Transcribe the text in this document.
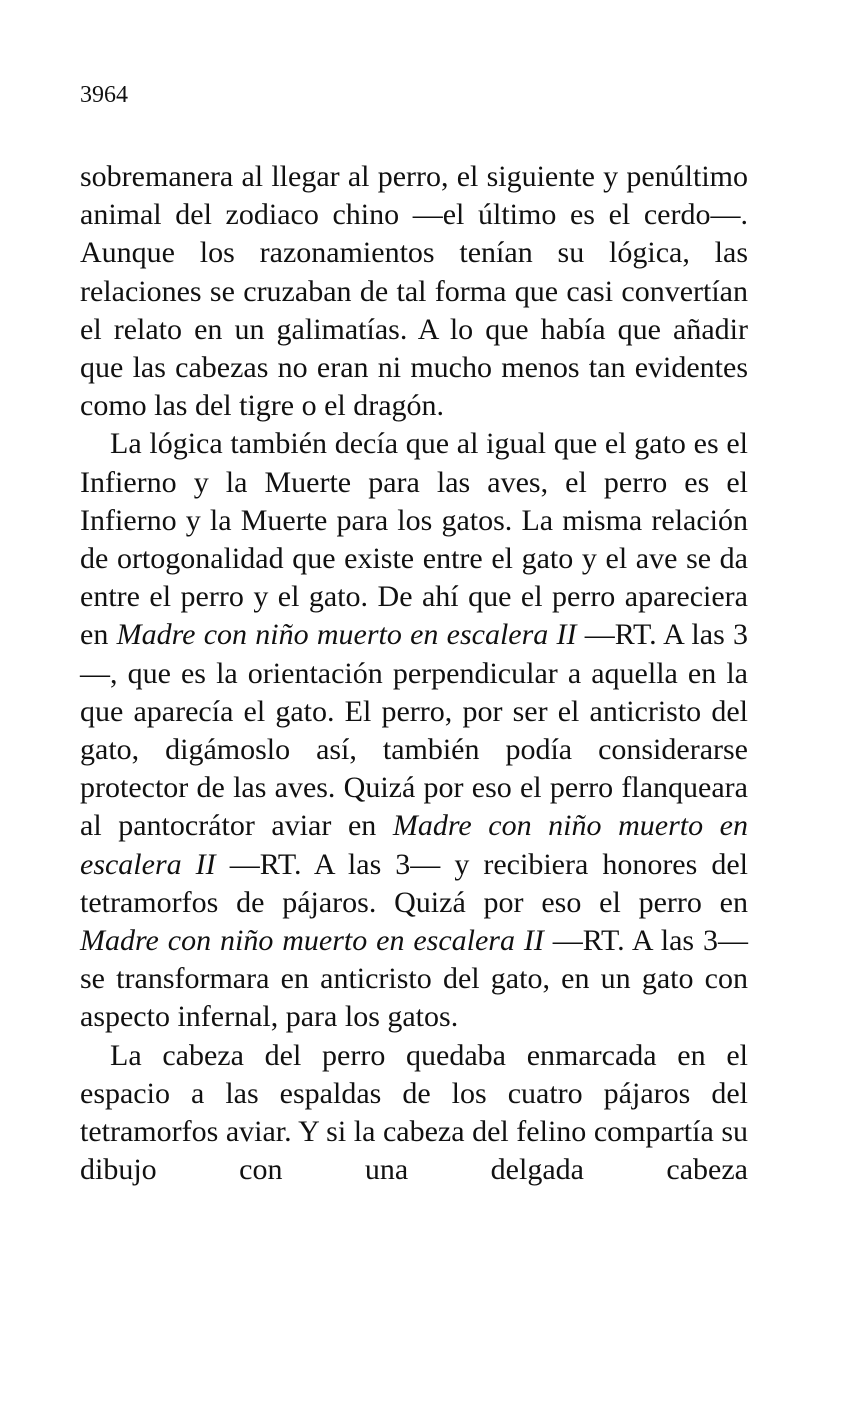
3964

sobremanera al llegar al perro, el siguiente y penúltimo animal del zodiaco chino —el último es el cerdo—. Aunque los razonamientos tenían su lógica, las relaciones se cruzaban de tal forma que casi convertían el relato en un galimatías. A lo que había que añadir que las cabezas no eran ni mucho menos tan evidentes como las del tigre o el dragón.

La lógica también decía que al igual que el gato es el Infierno y la Muerte para las aves, el perro es el Infierno y la Muerte para los gatos. La misma relación de ortogonalidad que existe entre el gato y el ave se da entre el perro y el gato. De ahí que el perro apareciera en Madre con niño muerto en escalera II —RT. A las 3—, que es la orientación perpendicular a aquella en la que aparecía el gato. El perro, por ser el anticristo del gato, digámoslo así, también podía considerarse protector de las aves. Quizá por eso el perro flanqueara al pantocrátor aviar en Madre con niño muerto en escalera II —RT. A las 3— y recibiera honores del tetramorfos de pájaros. Quizá por eso el perro en Madre con niño muerto en escalera II —RT. A las 3— se transformara en anticristo del gato, en un gato con aspecto infernal, para los gatos.

La cabeza del perro quedaba enmarcada en el espacio a las espaldas de los cuatro pájaros del tetramorfos aviar. Y si la cabeza del felino compartía su dibujo con una delgada cabeza
